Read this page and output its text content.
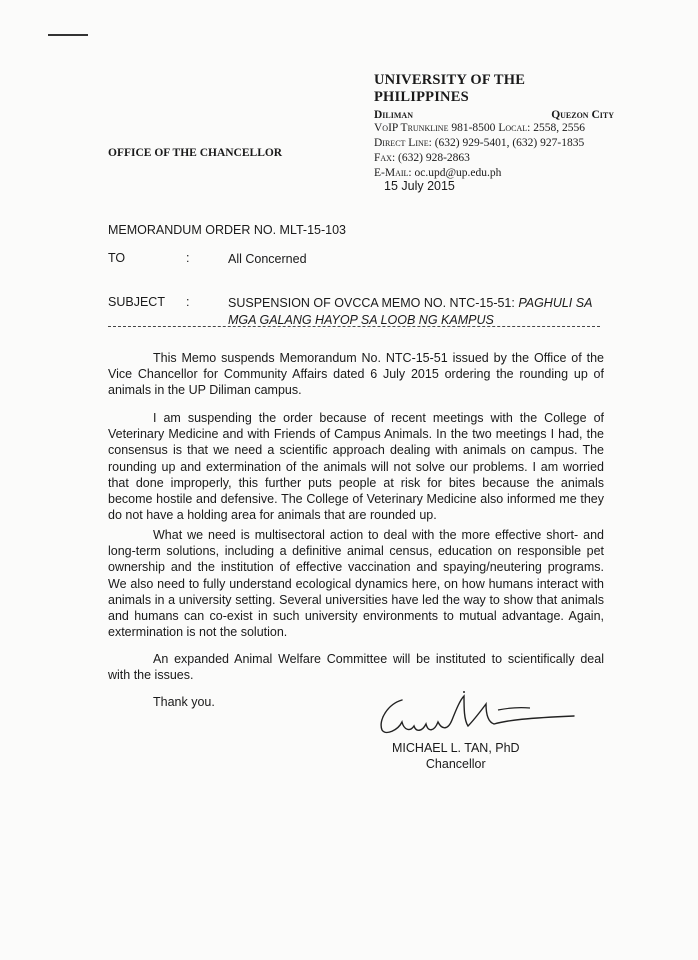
UNIVERSITY OF THE PHILIPPINES
Diliman	Quezon City
VoIP Trunkline 981-8500 Local: 2558, 2556
Direct Line: (632) 929-5401, (632) 927-1835
Fax: (632) 928-2863
E-Mail: oc.upd@up.edu.ph
OFFICE OF THE CHANCELLOR
15 July 2015
MEMORANDUM ORDER NO. MLT-15-103
TO	:	All Concerned
SUBJECT :	SUSPENSION OF OVCCA MEMO NO. NTC-15-51: PAGHULI SA
MGA GALANG HAYOP SA LOOB NG KAMPUS

This Memo suspends Memorandum No. NTC-15-51 issued by the Office of the Vice Chancellor for Community Affairs dated 6 July 2015 ordering the rounding up of animals in the UP Diliman campus.

I am suspending the order because of recent meetings with the College of Veterinary Medicine and with Friends of Campus Animals. In the two meetings I had, the consensus is that we need a scientific approach dealing with animals on campus. The rounding up and extermination of the animals will not solve our problems. I am worried that done improperly, this further puts people at risk for bites because the animals become hostile and defensive. The College of Veterinary Medicine also informed me they do not have a holding area for animals that are rounded up.

What we need is multisectoral action to deal with the more effective short- and long-term solutions, including a definitive animal census, education on responsible pet ownership and the institution of effective vaccination and spaying/neutering programs. We also need to fully understand ecological dynamics here, on how humans interact with animals in a university setting. Several universities have led the way to show that animals and humans can co-exist in such university environments to mutual advantage. Again, extermination is not the solution.

An expanded Animal Welfare Committee will be instituted to scientifically deal with the issues.

Thank you.
MICHAEL L. TAN, PhD
Chancellor
